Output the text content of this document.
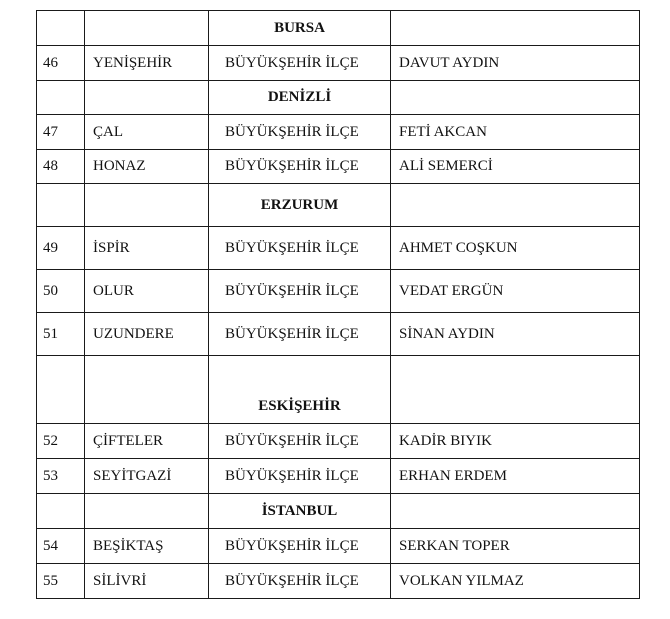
		BURSA	
46	YENİŞEHİR	BÜYÜKŞEHİR İLÇE	DAVUT AYDIN
		DENİZLİ	
47	ÇAL	BÜYÜKŞEHİR İLÇE	FETİ AKCAN
48	HONAZ	BÜYÜKŞEHİR İLÇE	ALİ SEMERCİ
		ERZURUM	
49	İSPİR	BÜYÜKŞEHİR İLÇE	AHMET COŞKUN
50	OLUR	BÜYÜKŞEHİR İLÇE	VEDAT ERGÜN
51	UZUNDERE	BÜYÜKŞEHİR İLÇE	SİNAN AYDIN
		ESKİŞEHİR	
52	ÇİFTELER	BÜYÜKŞEHİR İLÇE	KADİR BIYIK
53	SEYİTGAZİ	BÜYÜKŞEHİR İLÇE	ERHAN ERDEM
		İSTANBUL	
54	BEŞİKTAŞ	BÜYÜKŞEHİR İLÇE	SERKAN TOPER
55	SİLİVRİ	BÜYÜKŞEHİR İLÇE	VOLKAN YILMAZ
